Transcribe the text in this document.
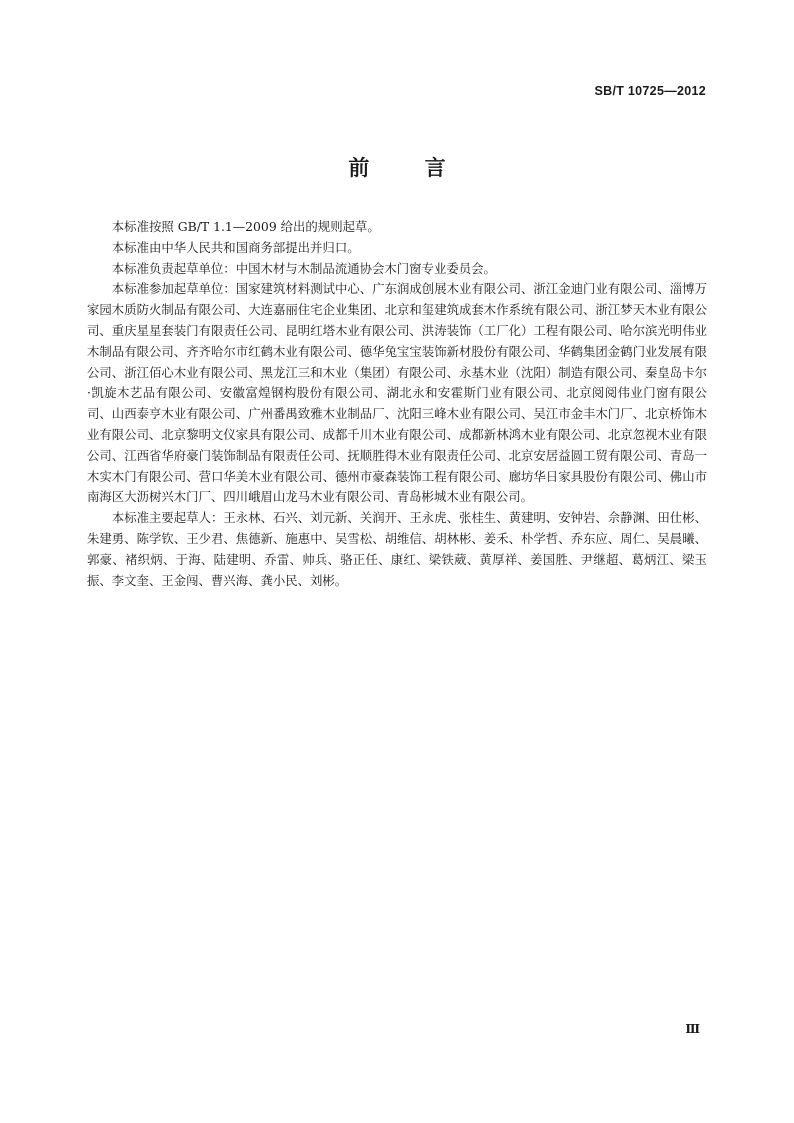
SB/T 10725—2012
前 言

本标准按照 GB/T 1.1—2009 给出的规则起草。

本标准由中华人民共和国商务部提出并归口。

本标准负责起草单位：中国木材与木制品流通协会木门窗专业委员会。

本标准参加起草单位：国家建筑材料测试中心、广东润成创展木业有限公司、浙江金迪门业有限公司、淄博万家园木质防火制品有限公司、大连嘉丽住宅企业集团、北京和玺建筑成套木作系统有限公司、浙江梦天木业有限公司、重庆星星套装门有限责任公司、昆明红塔木业有限公司、洪涛装饰（工厂化）工程有限公司、哈尔滨光明伟业木制品有限公司、齐齐哈尔市红鹤木业有限公司、德华兔宝宝装饰新材股份有限公司、华鹤集团金鹤门业发展有限公司、浙江佰心木业有限公司、黑龙江三和木业（集团）有限公司、永基木业（沈阳）制造有限公司、秦皇岛卡尔·凯旋木艺品有限公司、安徽富煌钢构股份有限公司、湖北永和安霍斯门业有限公司、北京阅阅伟业门窗有限公司、山西泰亨木业有限公司、广州番禺致雅木业制品厂、沈阳三峰木业有限公司、吴江市金丰木门厂、北京桥饰木业有限公司、北京黎明文仪家具有限公司、成都千川木业有限公司、成都新林鸿木业有限公司、北京忽视木业有限公司、江西省华府豪门装饰制品有限责任公司、抚顺胜得木业有限责任公司、北京安居益圆工贸有限公司、青岛一木实木门有限公司、营口华美木业有限公司、德州市豪森装饰工程有限公司、廊坊华日家具股份有限公司、佛山市南海区大沥树兴木门厂、四川峨眉山龙马木业有限公司、青岛彬城木业有限公司。

本标准主要起草人：王永林、石兴、刘元新、关润开、王永虎、张桂生、黄建明、安钟岩、佘静渊、田仕彬、朱建勇、陈学钦、王少君、焦德新、施惠中、吴雪松、胡维信、胡林彬、姜禾、朴学哲、乔东应、周仁、吴晨曦、郭豪、褚织炳、于海、陆建明、乔雷、帅兵、骆正任、康红、梁铁葳、黄厚祥、姜国胜、尹继超、葛炳江、梁玉振、李文奎、王金闯、曹兴海、龚小民、刘彬。

Ⅲ
